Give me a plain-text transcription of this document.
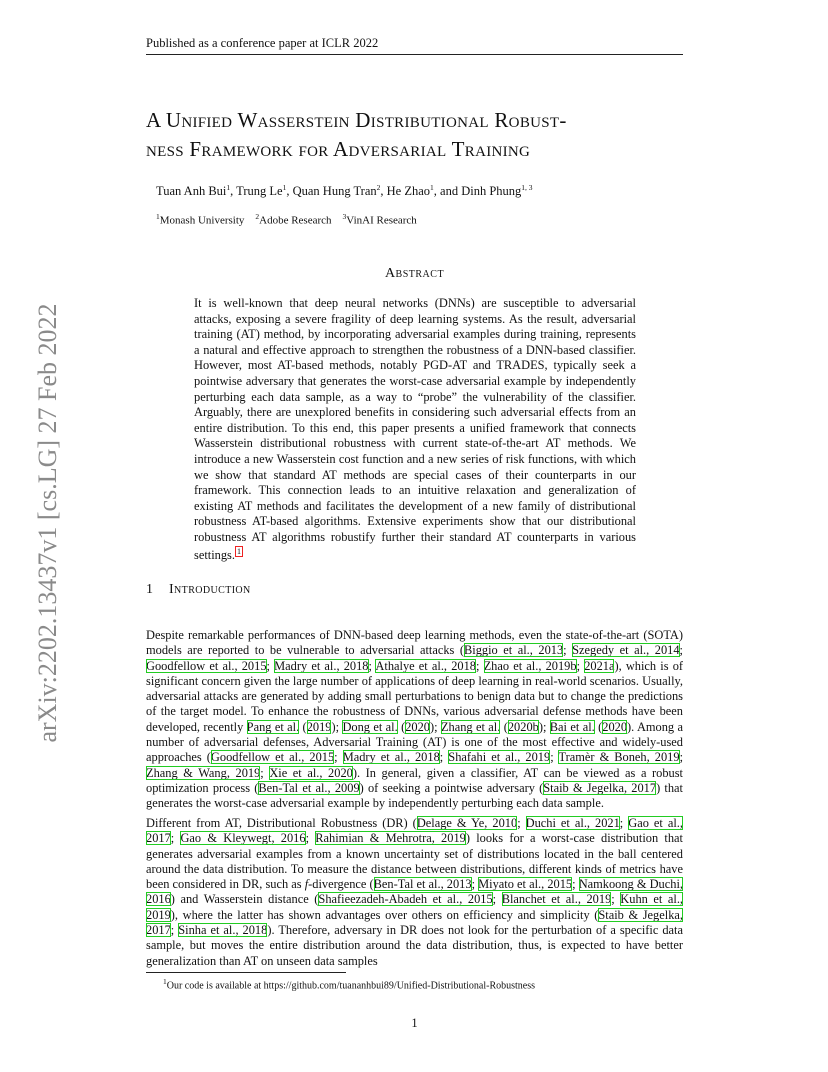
Published as a conference paper at ICLR 2022
A Unified Wasserstein Distributional Robust-
ness Framework for Adversarial Training
Tuan Anh Bui$^1$, Trung Le$^1$, Quan Hung Tran$^2$, He Zhao$^1$, and Dinh Phung$^{1, 3}$
$^1$Monash University $^2$Adobe Research $^3$VinAI Research
Abstract
It is well-known that deep neural networks (DNNs) are susceptible to adversarial attacks, exposing a severe fragility of deep learning systems. As the result, adversarial training (AT) method, by incorporating adversarial examples during training, represents a natural and effective approach to strengthen the robustness of a DNN-based classifier. However, most AT-based methods, notably PGD-AT and TRADES, typically seek a pointwise adversary that generates the worst-case adversarial example by independently perturbing each data sample, as a way to “probe” the vulnerability of the classifier. Arguably, there are unexplored benefits in considering such adversarial effects from an entire distribution. To this end, this paper presents a unified framework that connects Wasserstein distributional robustness with current state-of-the-art AT methods. We introduce a new Wasserstein cost function and a new series of risk functions, with which we show that standard AT methods are special cases of their counterparts in our framework. This connection leads to an intuitive relaxation and generalization of existing AT methods and facilitates the development of a new family of distributional robustness AT-based algorithms. Extensive experiments show that our distributional robustness AT algorithms robustify further their standard AT counterparts in various settings. 1
1 Introduction
Despite remarkable performances of DNN-based deep learning methods, even the state-of-the-art (SOTA) models are reported to be vulnerable to adversarial attacks (Biggio et al., 2013; Szegedy et al., 2014; Goodfellow et al., 2015; Madry et al., 2018; Athalye et al., 2018; Zhao et al., 2019b; 2021a), which is of significant concern given the large number of applications of deep learning in real-world scenarios. Usually, adversarial attacks are generated by adding small perturbations to benign data but to change the predictions of the target model. To enhance the robustness of DNNs, various adversarial defense methods have been developed, recently Pang et al. (2019); Dong et al. (2020); Zhang et al. (2020b); Bai et al. (2020). Among a number of adversarial defenses, Adversarial Training (AT) is one of the most effective and widely-used approaches (Goodfellow et al., 2015; Madry et al., 2018; Shafahi et al., 2019; Tramèr & Boneh, 2019; Zhang & Wang, 2019; Xie et al., 2020). In general, given a classifier, AT can be viewed as a robust optimization process (Ben-Tal et al., 2009) of seeking a pointwise adversary (Staib & Jegelka, 2017) that generates the worst-case adversarial example by independently perturbing each data sample.
Different from AT, Distributional Robustness (DR) (Delage & Ye, 2010; Duchi et al., 2021; Gao et al., 2017; Gao & Kleywegt, 2016; Rahimian & Mehrotra, 2019) looks for a worst-case distribution that generates adversarial examples from a known uncertainty set of distributions located in the ball centered around the data distribution. To measure the distance between distributions, different kinds of metrics have been considered in DR, such as f-divergence (Ben-Tal et al., 2013; Miyato et al., 2015; Namkoong & Duchi, 2016) and Wasserstein distance (Shafieezadeh-Abadeh et al., 2015; Blanchet et al., 2019; Kuhn et al., 2019), where the latter has shown advantages over others on efficiency and simplicity (Staib & Jegelka, 2017; Sinha et al., 2018). Therefore, adversary in DR does not look for the perturbation of a specific data sample, but moves the entire distribution around the data distribution, thus, is expected to have better generalization than AT on unseen data samples
$^1$Our code is available at https://github.com/tuananhbui89/Unified-Distributional-Robustness
1
arXiv:2202.13437v1 [cs.LG] 27 Feb 2022
